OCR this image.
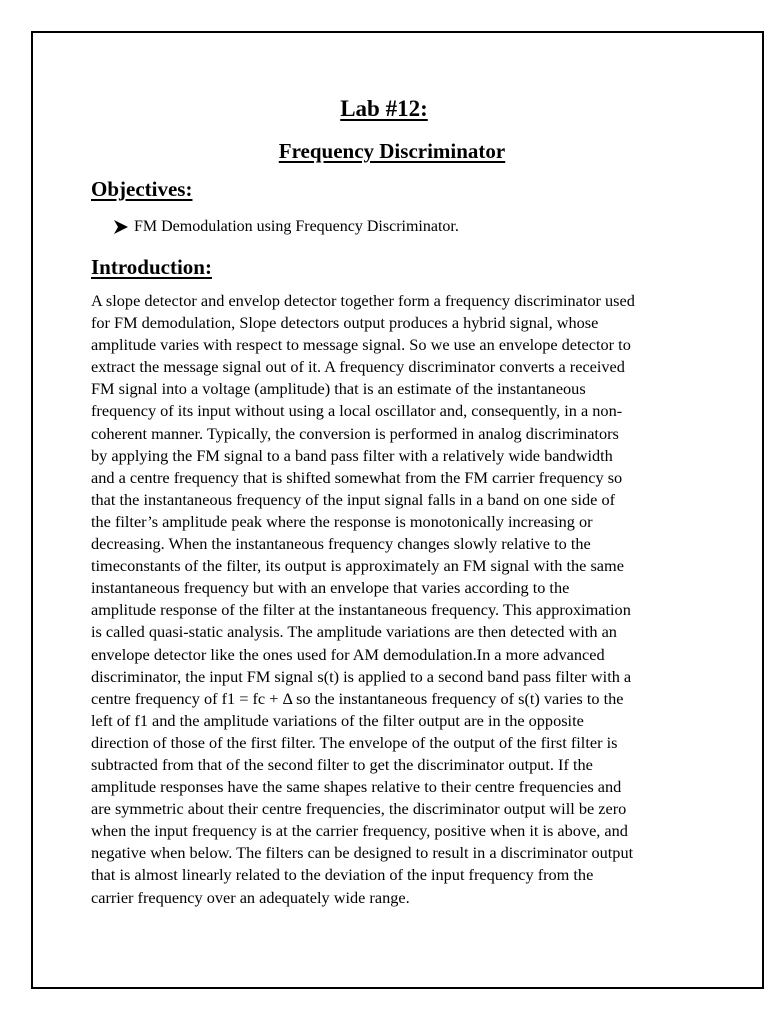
Lab #12:
Frequency Discriminator
Objectives:
FM Demodulation using Frequency Discriminator.
Introduction:

A slope detector and envelop detector together form a frequency discriminator used
for FM demodulation, Slope detectors output produces a hybrid signal, whose
amplitude varies with respect to message signal. So we use an envelope detector to
extract the message signal out of it. A frequency discriminator converts a received
FM signal into a voltage (amplitude) that is an estimate of the instantaneous
frequency of its input without using a local oscillator and, consequently, in a non-
coherent manner. Typically, the conversion is performed in analog discriminators
by applying the FM signal to a band pass filter with a relatively wide bandwidth
and a centre frequency that is shifted somewhat from the FM carrier frequency so
that the instantaneous frequency of the input signal falls in a band on one side of
the filter’s amplitude peak where the response is monotonically increasing or
decreasing. When the instantaneous frequency changes slowly relative to the
timeconstants of the filter, its output is approximately an FM signal with the same
instantaneous frequency but with an envelope that varies according to the
amplitude response of the filter at the instantaneous frequency. This approximation
is called quasi-static analysis. The amplitude variations are then detected with an
envelope detector like the ones used for AM demodulation.In a more advanced
discriminator, the input FM signal s(t) is applied to a second band pass filter with a
centre frequency of f1 = fc + Δ so the instantaneous frequency of s(t) varies to the
left of f1 and the amplitude variations of the filter output are in the opposite
direction of those of the first filter. The envelope of the output of the first filter is
subtracted from that of the second filter to get the discriminator output. If the
amplitude responses have the same shapes relative to their centre frequencies and
are symmetric about their centre frequencies, the discriminator output will be zero
when the input frequency is at the carrier frequency, positive when it is above, and
negative when below. The filters can be designed to result in a discriminator output
that is almost linearly related to the deviation of the input frequency from the
carrier frequency over an adequately wide range.
